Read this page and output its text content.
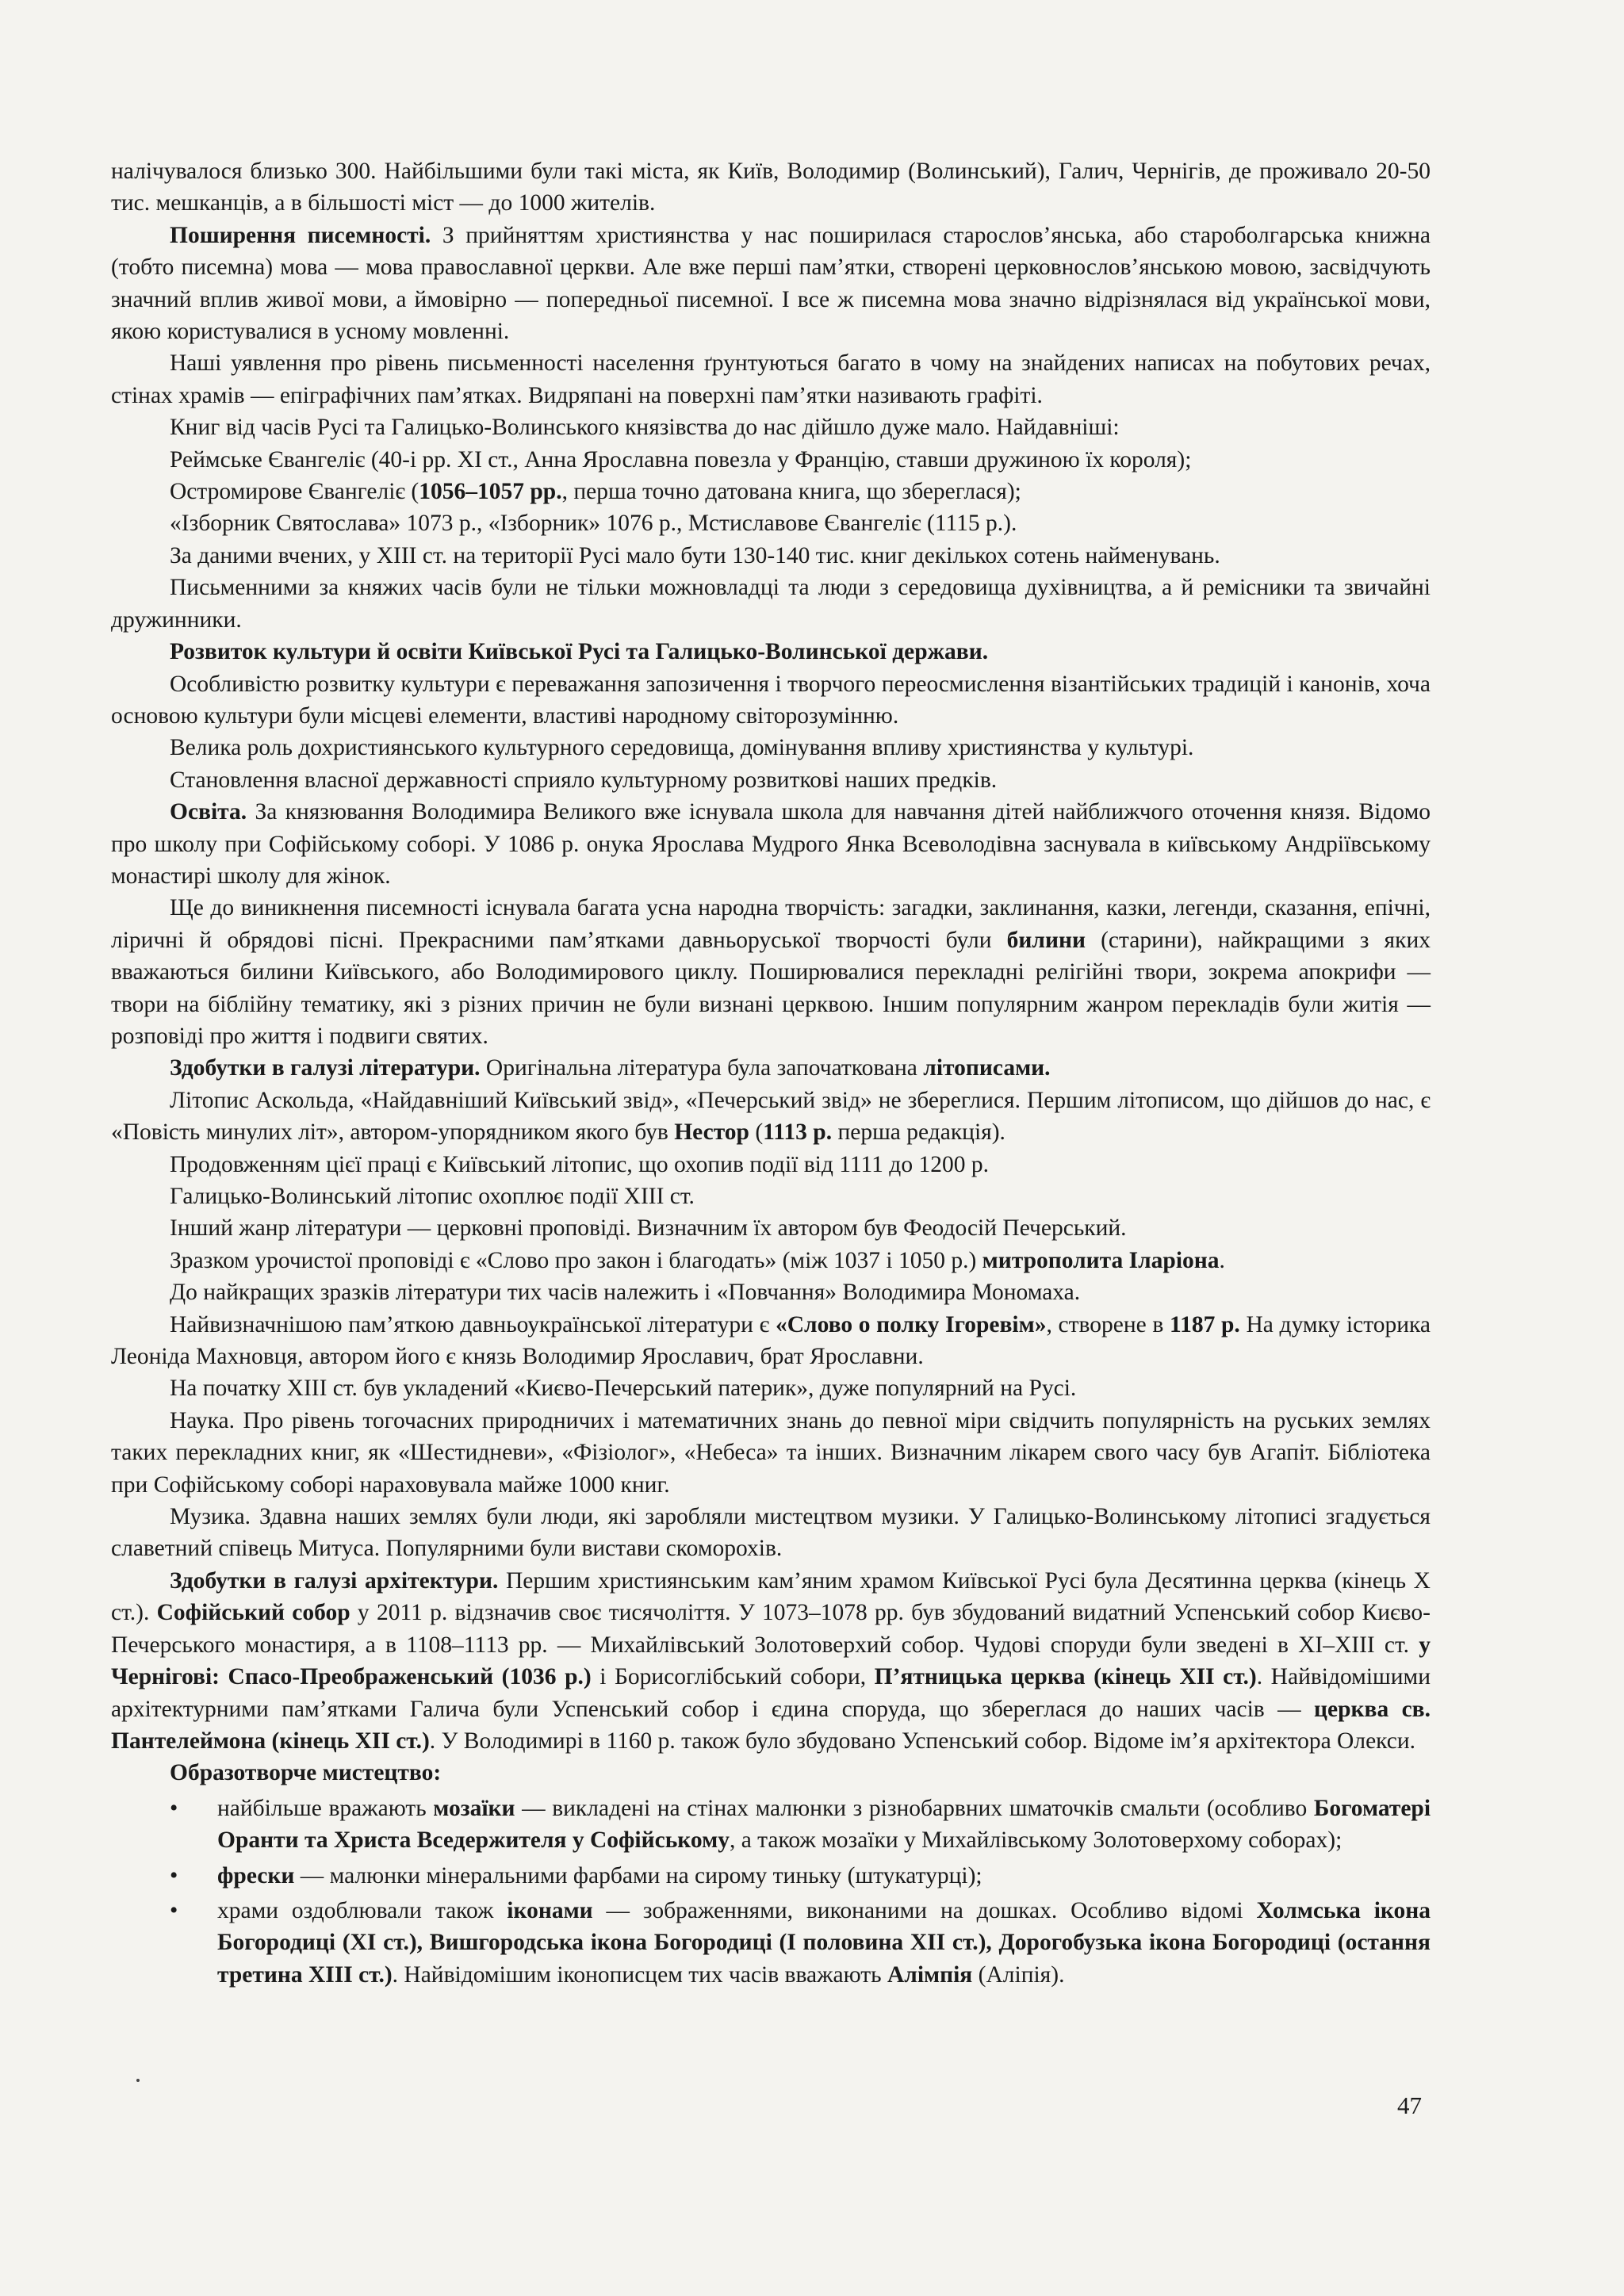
налічувалося близько 300. Найбільшими були такі міста, як Київ, Володимир (Волинський), Галич, Чернігів, де проживало 20-50 тис. мешканців, а в більшості міст — до 1000 жителів.

Поширення писемності. З прийняттям християнства у нас поширилася старослов’янська, або староболгарська книжна (тобто писемна) мова — мова православної церкви. Але вже перші пам’ятки, створені церковнослов’янською мовою, засвідчують значний вплив живої мови, а ймовірно — попередньої писемної. І все ж писемна мова значно відрізнялася від української мови, якою користувалися в усному мовленні.

Наші уявлення про рівень письменності населення ґрунтуються багато в чому на знайдених написах на побутових речах, стінах храмів — епіграфічних пам’ятках. Видряпані на поверхні пам’ятки називають графіті.

Книг від часів Русі та Галицько-Волинського князівства до нас дійшло дуже мало. Найдавніші:

Реймське Євангеліє (40-і рр. XI ст., Анна Ярославна повезла у Францію, ставши дружиною їх короля);

Остромирове Євангеліє (1056–1057 рр., перша точно датована книга, що збереглася);

«Ізборник Святослава» 1073 р., «Ізборник» 1076 р., Мстиславове Євангеліє (1115 р.).

За даними вчених, у XIII ст. на території Русі мало бути 130-140 тис. книг декількох сотень найменувань.

Письменними за княжих часів були не тільки можновладці та люди з середовища духівництва, а й ремісники та звичайні дружинники.

Розвиток культури й освіти Київської Русі та Галицько-Волинської держави.

Особливістю розвитку культури є переважання запозичення і творчого переосмислення візантійських традицій і канонів, хоча основою культури були місцеві елементи, властиві народному світорозумінню.

Велика роль дохристиянського культурного середовища, домінування впливу християнства у культурі.

Становлення власної державності сприяло культурному розвиткові наших предків.

Освіта. За князювання Володимира Великого вже існувала школа для навчання дітей найближчого оточення князя. Відомо про школу при Софійському соборі. У 1086 р. онука Ярослава Мудрого Янка Всеволодівна заснувала в київському Андріївському монастирі школу для жінок.

Ще до виникнення писемності існувала багата усна народна творчість: загадки, заклинання, казки, легенди, сказання, епічні, ліричні й обрядові пісні. Прекрасними пам’ятками давньоруської творчості були билини (старини), найкращими з яких вважаються билини Київського, або Володимирового циклу. Поширювалися перекладні релігійні твори, зокрема апокрифи — твори на біблійну тематику, які з різних причин не були визнані церквою. Іншим популярним жанром перекладів були житія — розповіді про життя і подвиги святих.

Здобутки в галузі літератури. Оригінальна література була започаткована літописами.

Літопис Аскольда, «Найдавніший Київський звід», «Печерський звід» не збереглися. Першим літописом, що дійшов до нас, є «Повість минулих літ», автором-упорядником якого був Нестор (1113 р. перша редакція).

Продовженням цієї праці є Київський літопис, що охопив події від 1111 до 1200 р.

Галицько-Волинський літопис охоплює події XIII ст.

Інший жанр літератури — церковні проповіді. Визначним їх автором був Феодосій Печерський.

Зразком урочистої проповіді є «Слово про закон і благодать» (між 1037 і 1050 р.) митрополита Іларіона.

До найкращих зразків літератури тих часів належить і «Повчання» Володимира Мономаха.

Найвизначнішою пам’яткою давньоукраїнської літератури є «Слово о полку Ігоревім», створене в 1187 р. На думку історика Леоніда Махновця, автором його є князь Володимир Ярославич, брат Ярославни.

На початку XIII ст. був укладений «Києво-Печерський патерик», дуже популярний на Русі.

Наука. Про рівень тогочасних природничих і математичних знань до певної міри свідчить популярність на руських землях таких перекладних книг, як «Шестидневи», «Фізіолог», «Небеса» та інших. Визначним лікарем свого часу був Агапіт. Бібліотека при Софійському соборі нараховувала майже 1000 книг.

Музика. Здавна наших землях були люди, які заробляли мистецтвом музики. У Галицько-Волинському літописі згадується славетний співець Митуса. Популярними були вистави скоморохів.

Здобутки в галузі архітектури. Першим християнським кам’яним храмом Київської Русі була Десятинна церква (кінець X ст.). Софійський собор у 2011 р. відзначив своє тисячоліття. У 1073–1078 рр. був збудований видатний Успенський собор Києво-Печерського монастиря, а в 1108–1113 рр. — Михайлівський Золотоверхий собор. Чудові споруди були зведені в XI–XIII ст. у Чернігові: Спасо-Преображенський (1036 р.) і Борисоглібський собори, П’ятницька церква (кінець XII ст.). Найвідомішими архітектурними пам’ятками Галича були Успенський собор і єдина споруда, що збереглася до наших часів — церква св. Пантелеймона (кінець XII ст.). У Володимирі в 1160 р. також було збудовано Успенський собор. Відоме ім’я архітектора Олекси.

Образотворче мистецтво:

• найбільше вражають мозаїки — викладені на стінах малюнки з різнобарвних шматочків смальти (особливо Богоматері Оранти та Христа Вседержителя у Софійському, а також мозаїки у Михайлівському Золотоверхому соборах);
• фрески — малюнки мінеральними фарбами на сирому тиньку (штукатурці);
• храми оздоблювали також іконами — зображеннями, виконаними на дошках. Особливо відомі Холмська ікона Богородиці (XI ст.), Вишгородська ікона Богородиці (I половина XII ст.), Дорогобузька ікона Богородиці (остання третина XIII ст.). Найвідомішим іконописцем тих часів вважають Алімпія (Аліпія).
47
